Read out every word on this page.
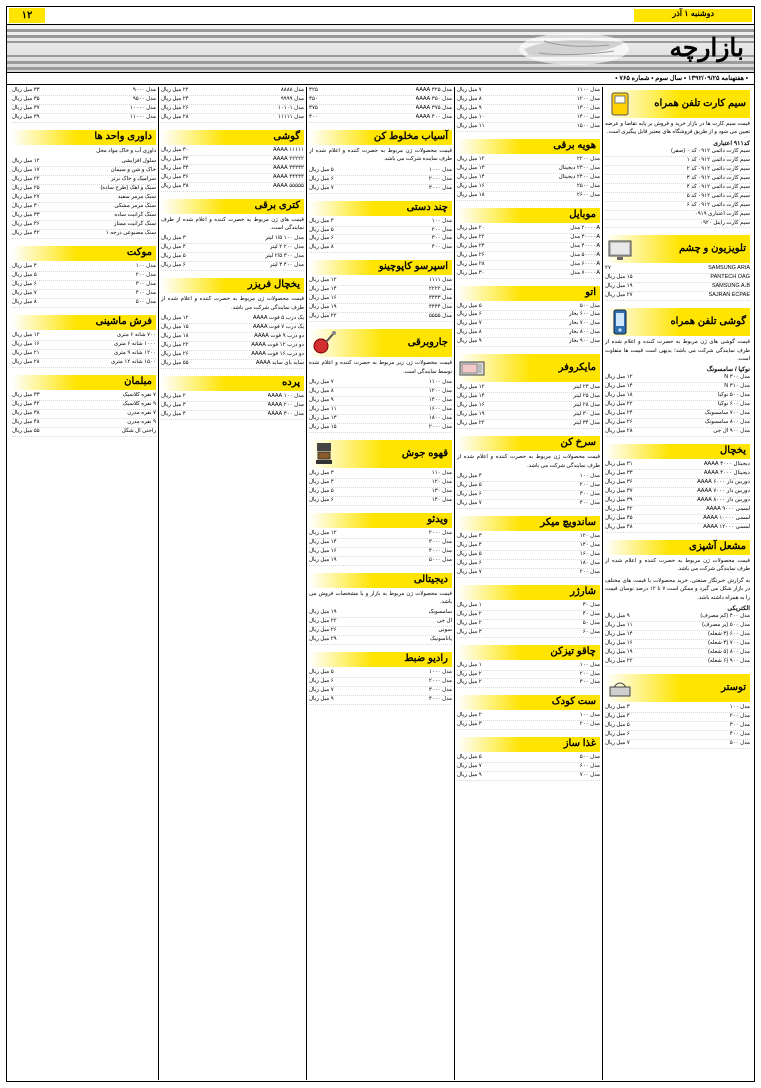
دوشنبه ۱ آذر
۱۲
بازارچه
• هفتهنامه ۱۳۹۲/۰۹/۲۵ • سال سوم • شماره ۷۶۵ •
سیم کارت تلفن همراه
قیمت سیم کارت ها در بازار خرید و فروش بر پایه تقاضا و عرضه تعیین می شود و از طریق فروشگاه های معتبر قابل پیگیری است.
کد۹۱۱ اعتباری
سیم کارت دائمی ۰۹۱۲ کد ۰ (صفر)
سیم کارت دائمی ۰۹۱۲ کد ۱
سیم کارت دائمی ۰۹۱۲ کد ۲
سیم کارت دائمی ۰۹۱۲ کد ۳
سیم کارت دائمی ۰۹۱۲ کد ۴
سیم کارت دائمی ۰۹۱۲ کد ۵
سیم کارت دائمی ۰۹۱۲ کد ۶
سیم کارت اعتباری ۰۹۱۹
سیم کارت رایتل ۰۹۲۰
تلویزیون و چشم
SAMSUNG ARIA
۲۷
PANTECH OAG
۱۵ میل ریال
SAMSUNG A،B
۱۹ میل ریال
SAJRAN ECPAE
۲۷ میل ریال
گوشی تلفن همراه
قیمت گوشی های ژن مربوط به حصرت کننده و اعلام شده از طرف نمایندگی شرکت می باشد؛ بدیهی است قیمت ها متفاوت است.
نوکیا / سامسونگ
مدل ۳۰۰ N
۱۲ میل ریال
مدل ۳۱۰ N
۱۴ میل ریال
مدل ۵۰۰ نوکیا
۱۸ میل ریال
مدل ۶۰۰ نوکیا
۲۲ میل ریال
مدل ۷۰۰ سامسونگ
۲۴ میل ریال
مدل ۸۰۰ سامسونگ
۲۶ میل ریال
مدل ۹۰۰ ال جی
۲۸ میل ریال
یخچال
دیجیتال ۳۰۰۰ AAAA
۳۱ میل ریال
دیجیتال ۴۰۰۰ AAAA
۳۳ میل ریال
دوربین دار ۶۰۰۰ AAAA
۳۶ میل ریال
دوربین دار ۷۰۰۰ AAAA
۳۷ میل ریال
دوربین دار ۸۰۰۰ AAAA
۳۹ میل ریال
لمسی ۹۰۰۰ AAAA
۴۲ میل ریال
لمسی ۱۰۰۰۰ AAAA
۴۵ میل ریال
لمسی ۱۲۰۰۰ AAAA
۴۸ میل ریال
مشعل آشپزی
قیمت محصولات ژن مربوط به حصرت کننده و اعلام شده از طرف نمایندگی شرکت می باشد.
به گزارش خبرنگار صنعتی، خرید محصولات با قیمت های مختلف در بازار شکل می گیرد و ممکن است ۷ تا ۱۲ درصد نوسان قیمت را به همراه داشته باشد.
الکتریکی
مدل ۴۰۰ (کم مصرف)
۹ میل ریال
مدل ۵۰۰ (پر مصرف)
۱۱ میل ریال
مدل ۶۰۰ (۳ شعله)
۱۴ میل ریال
مدل ۷۰۰ (۴ شعله)
۱۶ میل ریال
مدل ۸۰۰ (۵ شعله)
۱۹ میل ریال
مدل ۹۰۰ (۶ شعله)
۲۲ میل ریال
توستر
مدل ۱۰۰
۳ میل ریال
مدل ۲۰۰
۴ میل ریال
مدل ۳۰۰
۵ میل ریال
مدل ۴۰۰
۶ میل ریال
مدل ۵۰۰
۷ میل ریال
مدل ۱۱۰۰
۷ میل ریال
مدل ۱۲۰۰
۸ میل ریال
مدل ۱۳۰۰
۹ میل ریال
مدل ۱۴۰۰
۱۰ میل ریال
مدل ۱۵۰۰
۱۱ میل ریال
هویه برقی
مدل ۲۲۰۰
۱۲ میل ریال
مدل ۲۳۰۰ دیجیتال
۱۳ میل ریال
مدل ۲۴۰۰ دیجیتال
۱۴ میل ریال
مدل ۲۵۰۰
۱۶ میل ریال
مدل ۲۶۰۰
۱۸ میل ریال
موبایل
۲۰۰۰۰A مدل
۲۰ میل ریال
۳۰۰۰۰A مدل
۲۲ میل ریال
۴۰۰۰۰A مدل
۲۴ میل ریال
۵۰۰۰۰A مدل
۲۶ میل ریال
۶۰۰۰۰A مدل
۲۸ میل ریال
۷۰۰۰۰A مدل
۳۰ میل ریال
اتو
مدل ۵۰۰
۵ میل ریال
مدل ۶۰۰ بخار
۶ میل ریال
مدل ۷۰۰ بخار
۷ میل ریال
مدل ۸۰۰ بخار
۸ میل ریال
مدل ۹۰۰ بخار
۹ میل ریال
مایکروفر
مدل ۲۳ لیتر
۱۲ میل ریال
مدل ۲۵ لیتر
۱۴ میل ریال
مدل ۲۸ لیتر
۱۶ میل ریال
مدل ۳۰ لیتر
۱۹ میل ریال
مدل ۳۴ لیتر
۲۲ میل ریال
سرخ کن
قیمت محصولات ژن مربوط به حصرت کننده و اعلام شده از طرف نمایندگی شرکت می باشد.
مدل ۱۰۰
۴ میل ریال
مدل ۲۰۰
۵ میل ریال
مدل ۳۰۰
۶ میل ریال
مدل ۴۰۰
۷ میل ریال
ساندویچ میکر
مدل ۱۲۰
۳ میل ریال
مدل ۱۴۰
۴ میل ریال
مدل ۱۶۰
۵ میل ریال
مدل ۱۸۰
۶ میل ریال
مدل ۲۰۰
۷ میل ریال
شارژر
مدل ۳۰
۱ میل ریال
مدل ۴۰
۲ میل ریال
مدل ۵۰
۲ میل ریال
مدل ۶۰
۳ میل ریال
چاقو تیزکن
مدل ۱۰۰
۱ میل ریال
مدل ۲۰۰
۲ میل ریال
مدل ۳۰۰
۲ میل ریال
ست کودک
مدل ۱۰۰
۲ میل ریال
مدل ۲۰۰
۳ میل ریال
غذا ساز
مدل ۵۰۰
۵ میل ریال
مدل ۶۰۰
۷ میل ریال
مدل ۷۰۰
۹ میل ریال
مدل ۳۲۵ AAAA
۳۲۵
مدل ۳۵۰ AAAA
۳۵۰
مدل ۳۷۵ AAAA
۳۷۵
مدل ۴۰۰ AAAA
۴۰۰
آسیاب مخلوط کن
قیمت محصولات ژن مربوط به حصرت کننده و اعلام شده از طرف نماینده شرکت می باشد.
مدل ۱۰۰۰
۵ میل ریال
مدل ۲۰۰۰
۶ میل ریال
مدل ۳۰۰۰
۷ میل ریال
چند دستی
مدل ۱۰۰
۴ میل ریال
مدل ۲۰۰
۵ میل ریال
مدل ۳۰۰
۶ میل ریال
مدل ۴۰۰
۸ میل ریال
اسپرسو کاپوچینو
مدل ۱۱۱۱
۱۲ میل ریال
مدل ۲۲۲۲
۱۴ میل ریال
مدل ۳۳۳۳
۱۶ میل ریال
مدل ۴۴۴۴
۱۹ میل ریال
مدل ۵۵۵۵
۲۲ میل ریال
جاروبرقی
قیمت محصولات ژن زیر مربوط به حصرت کننده و اعلام شده توسط نمایندگی است.
مدل ۱۱۰۰
۷ میل ریال
مدل ۱۲۰۰
۸ میل ریال
مدل ۱۴۰۰
۹ میل ریال
مدل ۱۶۰۰
۱۱ میل ریال
مدل ۱۸۰۰
۱۳ میل ریال
مدل ۲۰۰۰
۱۵ میل ریال
قهوه جوش
مدل ۱۱۰
۳ میل ریال
مدل ۱۲۰
۴ میل ریال
مدل ۱۳۰
۵ میل ریال
مدل ۱۴۰
۶ میل ریال
ویدئو
مدل ۲۰۰۰
۱۲ میل ریال
مدل ۳۰۰۰
۱۴ میل ریال
مدل ۴۰۰۰
۱۶ میل ریال
مدل ۵۰۰۰
۱۹ میل ریال
دیجیتالی
قیمت محصولات ژن مربوط به بازار و با مشخصات فروش می باشد.
سامسونگ
۱۹ میل ریال
ال جی
۲۲ میل ریال
سونی
۲۶ میل ریال
پاناسونیک
۲۹ میل ریال
رادیو ضبط
مدل ۱۰۰۰
۵ میل ریال
مدل ۲۰۰۰
۶ میل ریال
مدل ۳۰۰۰
۷ میل ریال
مدل ۴۰۰۰
۹ میل ریال
مدل ۸۸۸۸
۲۲ میل ریال
مدل ۹۹۹۹
۲۴ میل ریال
مدل ۱۰۱۰۱
۲۶ میل ریال
مدل ۱۱۱۱۱
۲۸ میل ریال
گوشی
۱۱۱۱۱ AAAA
۳۰ میل ریال
۲۲۲۲۲ AAAA
۳۲ میل ریال
۳۳۳۳۳ AAAA
۳۴ میل ریال
۴۴۴۴۴ AAAA
۳۶ میل ریال
۵۵۵۵۵ AAAA
۳۸ میل ریال
کتری برقی
قیمت های ژن مربوط به حصرت کننده و اعلام شده از طرف نمایندگی است.
مدل ۱۰۰ ۱/۵ لیتر
۳ میل ریال
مدل ۲۰۰ ۲ لیتر
۴ میل ریال
مدل ۳۰۰ ۲/۵ لیتر
۵ میل ریال
مدل ۴۰۰ ۳ لیتر
۶ میل ریال
یخچال فریزر
قیمت محصولات ژن مربوط به حصرت کننده و اعلام شده از طرف نمایندگی شرکت می باشد.
یک درب ۵ فوت AAAA
۱۲ میل ریال
یک درب ۷ فوت AAAA
۱۵ میل ریال
دو درب ۹ فوت AAAA
۱۸ میل ریال
دو درب ۱۲ فوت AAAA
۲۲ میل ریال
دو درب ۱۶ فوت AAAA
۲۶ میل ریال
ساید بای ساید AAAA
۵۵ میل ریال
پرده
مدل ۱۰۰ AAAA
۲ میل ریال
مدل ۲۰۰ AAAA
۳ میل ریال
مدل ۳۰۰ AAAA
۴ میل ریال
مدل ۹۰۰۰
۳۳ میل ریال
مدل ۹۵۰۰
۳۵ میل ریال
مدل ۱۰۰۰۰
۳۷ میل ریال
مدل ۱۱۰۰۰
۳۹ میل ریال
داوری واحد ها
داوری آب و خاک مواد محل
سلول افزایشی
۱۲ میل ریال
خاک و شن و سیمان
۱۷ میل ریال
سرامیک و خاک برتر
۲۲ میل ریال
سنگ و آهک (طرح ساده)
۲۵ میل ریال
سنگ مرمر سفید
۲۷ میل ریال
سنگ مرمر مشکی
۳۰ میل ریال
سنگ گرانیت ساده
۳۳ میل ریال
سنگ گرانیت ممتاز
۳۶ میل ریال
سنگ مصنوعی درجه ۱
۴۲ میل ریال
موکت
مدل ۱۰۰
۴ میل ریال
مدل ۲۰۰
۵ میل ریال
مدل ۳۰۰
۶ میل ریال
مدل ۴۰۰
۷ میل ریال
مدل ۵۰۰
۸ میل ریال
فرش ماشینی
۷۰۰ شانه ۶ متری
۱۲ میل ریال
۱۰۰۰ شانه ۶ متری
۱۶ میل ریال
۱۲۰۰ شانه ۹ متری
۲۱ میل ریال
۱۵۰۰ شانه ۱۲ متری
۲۸ میل ریال
مبلمان
۷ نفره کلاسیک
۳۳ میل ریال
۹ نفره کلاسیک
۴۲ میل ریال
۷ نفره مدرن
۳۸ میل ریال
۹ نفره مدرن
۴۸ میل ریال
راحتی ال شکل
۵۵ میل ریال
